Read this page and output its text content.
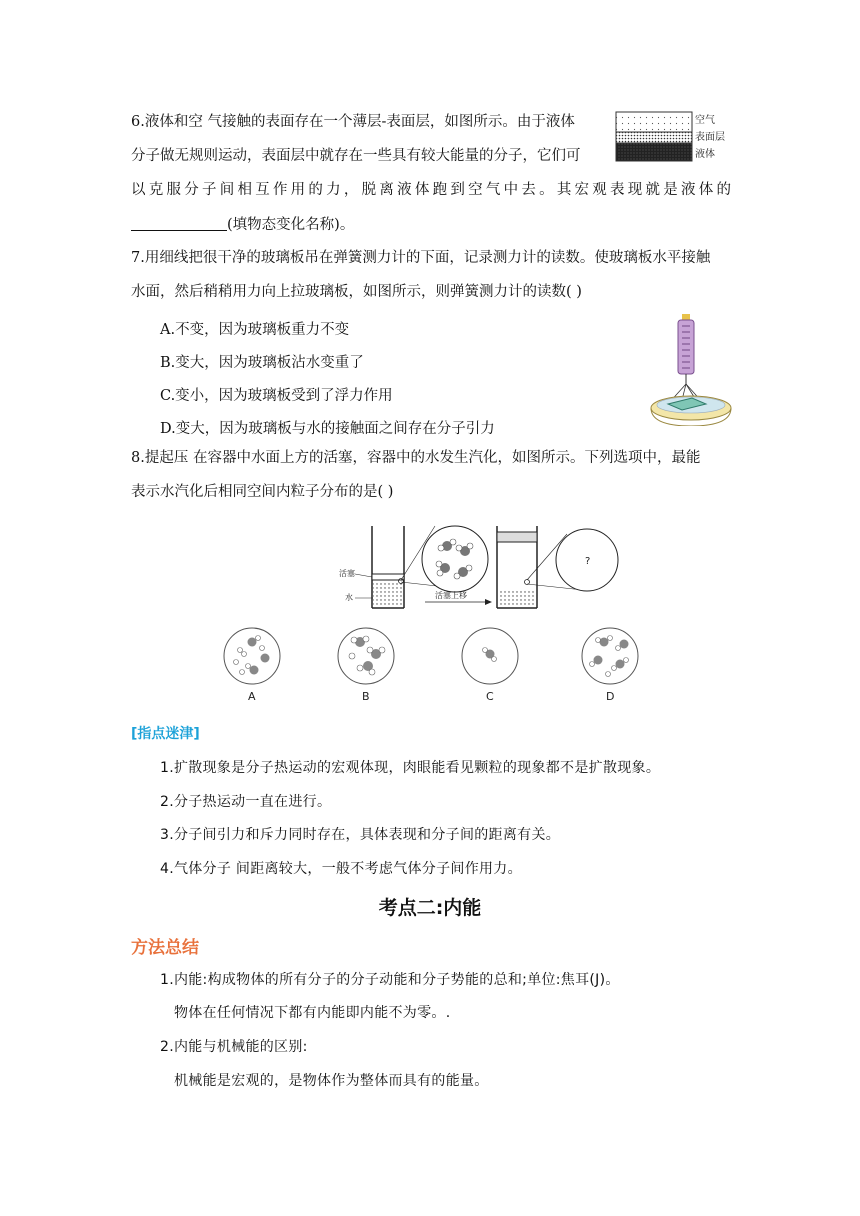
6.液体和空 气接触的表面存在一个薄层-表面层，如图所示。由于液体
分子做无规则运动，表面层中就存在一些具有较大能量的分子，它们可
以克服分子间相互作用的力，脱离液体跑到空气中去。其宏观表现就是液体的
(填物态变化名称)。
空气
表面层
液体
7.用细线把很干净的玻璃板吊在弹簧测力计的下面，记录测力计的读数。使玻璃板水平接触
水面，然后稍稍用力向上拉玻璃板，如图所示，则弹簧测力计的读数( )
A.不变，因为玻璃板重力不变
B.变大，因为玻璃板沾水变重了
C.变小，因为玻璃板受到了浮力作用
D.变大，因为玻璃板与水的接触面之间存在分子引力
8.提起压 在容器中水面上方的活塞，容器中的水发生汽化，如图所示。下列选项中，最能
表示水汽化后相同空间内粒子分布的是( )
活塞
水	活塞上移
?
A	B	C	D
[指点迷津]
1.扩散现象是分子热运动的宏观体现，肉眼能看见颗粒的现象都不是扩散现象。
2.分子热运动一直在进行。
3.分子间引力和斥力同时存在，具体表现和分子间的距离有关。
4.气体分子 间距离较大，一般不考虑气体分子间作用力。
考点二:内能
方法总结
1.内能:构成物体的所有分子的分子动能和分子势能的总和;单位:焦耳(J)。
物体在任何情况下都有内能即内能不为零。.
2.内能与机械能的区别:
机械能是宏观的，是物体作为整体而具有的能量。
